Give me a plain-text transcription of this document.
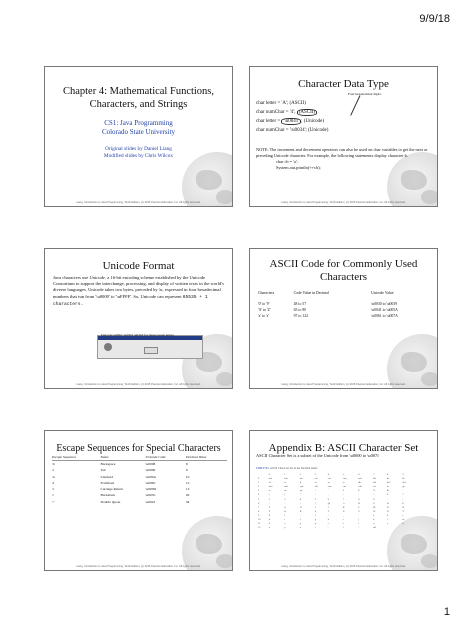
9/9/18
Chapter 4: Mathematical Functions, Characters, and Strings
CS1: Java Programming
Colorado State University
Original slides by Daniel Liang
Modified slides by Chris Wilcox
Liang, Introduction to Java Programming, Tenth Edition, (c) 2015 Pearson Education, Inc. All rights reserved.
Character Data Type
Four hexadecimal digits.
char letter = 'A'; (ASCII)
char numChar = '4'; (ASCII)
char letter = '\u0041' ; (Unicode)
char numChar = '\u0034'; (Unicode)
NOTE: The increment and decrement operators can also be used on char variables to get the next or preceding Unicode character. For example, the following statements display character b.
char ch = 'a';
System.out.println(++ch);
Liang, Introduction to Java Programming, Tenth Edition, (c) 2015 Pearson Education, Inc. All rights reserved.
Unicode Format
Java characters use Unicode, a 16-bit encoding scheme established by the Unicode Consortium to support the interchange, processing, and display of written texts in the world's diverse languages. Unicode takes two bytes, preceded by \u, expressed in four hexadecimal numbers that run from '\u0000' to '\uFFFF'. So, Unicode can represent 65535 + 1 characters.
Unicode \u03b1 \u03b2 \u03b3 for three Greek letters
Liang, Introduction to Java Programming, Tenth Edition, (c) 2015 Pearson Education, Inc. All rights reserved.
ASCII Code for Commonly Used Characters
Characters	Code Value in Decimal	Unicode Value
'0' to '9'	48 to 57	\u0030 to \u0039
'A' to 'Z'	65 to 90	\u0041 to \u005A
'a' to 'z'	97 to 122	\u0061 to \u007A
Liang, Introduction to Java Programming, Tenth Edition, (c) 2015 Pearson Education, Inc. All rights reserved.
Escape Sequences for Special Characters
Escape Sequence	Name	Unicode Code	Decimal Value
\b	Backspace	\u0008	8
\t	Tab	\u0009	9
\n	Linefeed	\u000A	10
\f	Formfeed	\u000C	12
\r	Carriage Return	\u000D	13
\\	Backslash	\u005C	92
\"	Double Quote	\u0022	34
Liang, Introduction to Java Programming, Tenth Edition, (c) 2015 Pearson Education, Inc. All rights reserved.
Appendix B: ASCII Character Set
ASCII Character Set is a subset of the Unicode from \u0000 to \u007f
TABLE B.1 ASCII Character Set in the Decimal Index
	0	1	2	3	4	5	6	7	8	9
0	nul	soh	stx	etx	eot	enq	ack	bel	bs	ht
1	nl	vt	ff	cr	so	si	dle	dcl	dc2	dc3
2	dc4	nak	syn	etb	can	em	sub	esc	fs	gs
3	rs	us	sp	!	"	#	$	%	&	'
4	(	)	*	+	,	-	.	/	0	1
5	2	3	4	5	6	7	8	9	:	;
6	<	=	>	?	@	A	B	C	D	E
7	F	G	H	I	J	K	L	M	N	O
8	P	Q	R	S	T	U	V	W	X	Y
9	Z	[	\	]	^	_	'	a	b	c
10	d	e	f	g	h	i	j	k	l	m
11	n	o	p	q	r	s	t	u	v	w
12	x	y	z	{	|	}	~	del		
Liang, Introduction to Java Programming, Tenth Edition, (c) 2015 Pearson Education, Inc. All rights reserved.
1
